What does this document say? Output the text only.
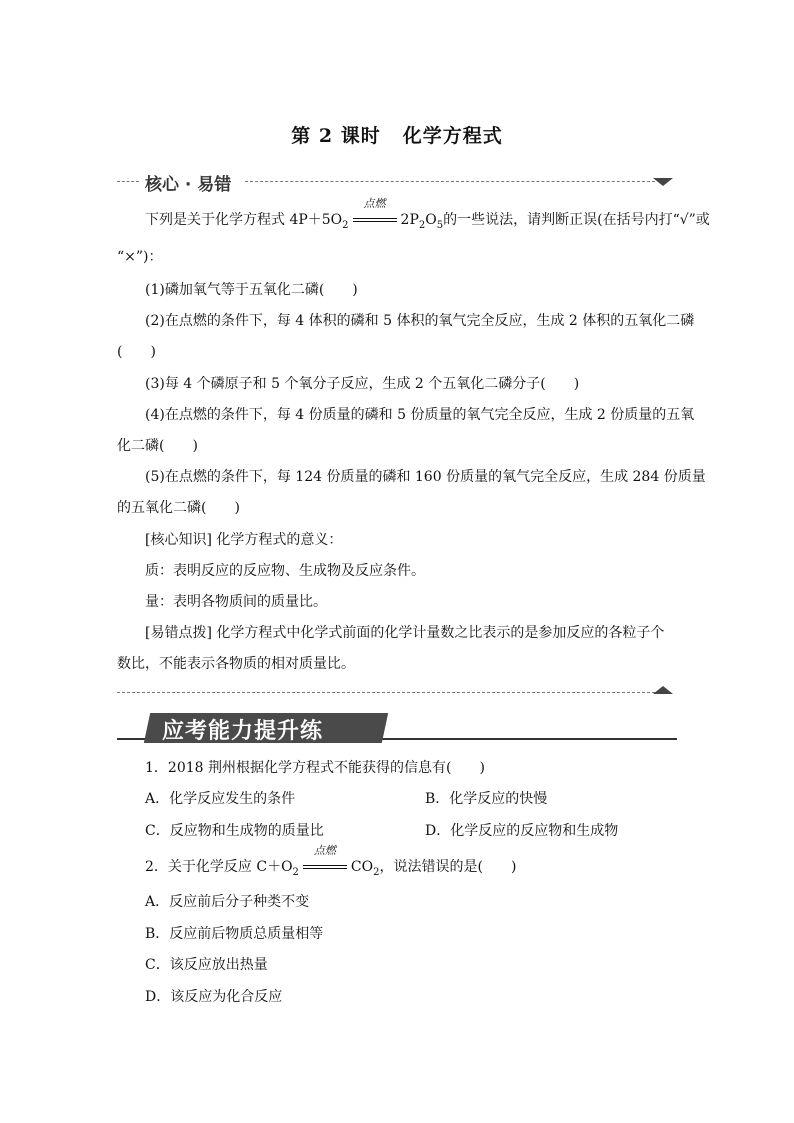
第 2 课时 化学方程式
核心 · 易错
下列是关于化学方程式 $4P+5O_2$
点燃
$2P_2O_5$的一些说法，请判断正误(在括号内打“√”或
“×”)：
(1)磷加氧气等于五氧化二磷(　　)
(2)在点燃的条件下，每 4 体积的磷和 5 体积的氧气完全反应，生成 2 体积的五氧化二磷
(　　)
(3)每 4 个磷原子和 5 个氧分子反应，生成 2 个五氧化二磷分子(　　)
(4)在点燃的条件下，每 4 份质量的磷和 5 份质量的氧气完全反应，生成 2 份质量的五氧
化二磷(　　)
(5)在点燃的条件下，每 124 份质量的磷和 160 份质量的氧气完全反应，生成 284 份质量
的五氧化二磷(　　)
[核心知识] 化学方程式的意义：
质：表明反应的反应物、生成物及反应条件。
量：表明各物质间的质量比。
[易错点拨] 化学方程式中化学式前面的化学计量数之比表示的是参加反应的各粒子个
数比，不能表示各物质的相对质量比。
应考能力提升练
1．2018 荆州根据化学方程式不能获得的信息有(　　)
A．化学反应发生的条件	B．化学反应的快慢
C．反应物和生成物的质量比	D．化学反应的反应物和生成物
2．关于化学反应 $C+O_2$
点燃
$CO_2$，说法错误的是(　　)
A．反应前后分子种类不变
B．反应前后物质总质量相等
C．该反应放出热量
D．该反应为化合反应
